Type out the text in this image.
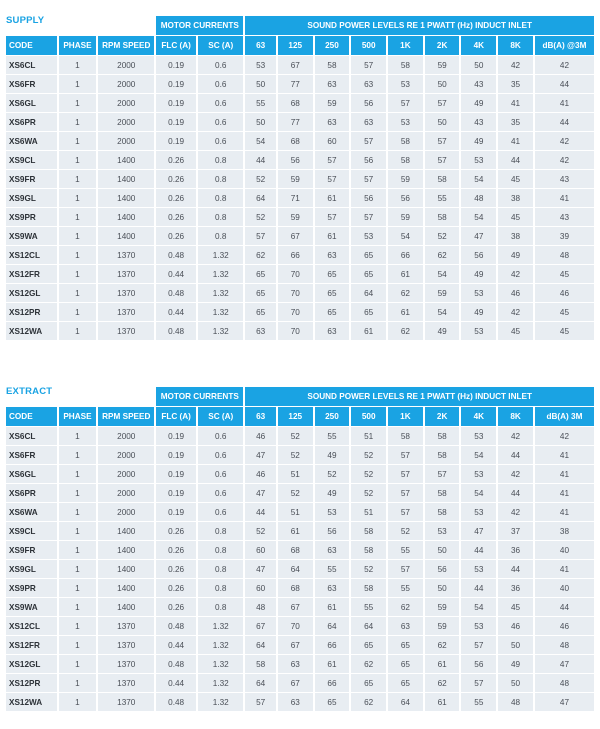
SUPPLY
			MOTOR CURRENTS		SOUND POWER LEVELS RE 1 PWATT (Hz) INDUCT INLET								
CODE	PHASE	RPM SPEED	FLC (A)	SC (A)	63	125	250	500	1K	2K	4K	8K	dB(A) @3M
XS6CL	1	2000	0.19	0.6	53	67	58	57	58	59	50	42	42
XS6FR	1	2000	0.19	0.6	50	77	63	63	53	50	43	35	44
XS6GL	1	2000	0.19	0.6	55	68	59	56	57	57	49	41	41
XS6PR	1	2000	0.19	0.6	50	77	63	63	53	50	43	35	44
XS6WA	1	2000	0.19	0.6	54	68	60	57	58	57	49	41	42
XS9CL	1	1400	0.26	0.8	44	56	57	56	58	57	53	44	42
XS9FR	1	1400	0.26	0.8	52	59	57	57	59	58	54	45	43
XS9GL	1	1400	0.26	0.8	64	71	61	56	56	55	48	38	41
XS9PR	1	1400	0.26	0.8	52	59	57	57	59	58	54	45	43
XS9WA	1	1400	0.26	0.8	57	67	61	53	54	52	47	38	39
XS12CL	1	1370	0.48	1.32	62	66	63	65	66	62	56	49	48
XS12FR	1	1370	0.44	1.32	65	70	65	65	61	54	49	42	45
XS12GL	1	1370	0.48	1.32	65	70	65	64	62	59	53	46	46
XS12PR	1	1370	0.44	1.32	65	70	65	65	61	54	49	42	45
XS12WA	1	1370	0.48	1.32	63	70	63	61	62	49	53	45	45
EXTRACT
			MOTOR CURRENTS		SOUND POWER LEVELS RE 1 PWATT (Hz) INDUCT INLET								
CODE	PHASE	RPM SPEED	FLC (A)	SC (A)	63	125	250	500	1K	2K	4K	8K	dB(A) 3M
XS6CL	1	2000	0.19	0.6	46	52	55	51	58	58	53	42	42
XS6FR	1	2000	0.19	0.6	47	52	49	52	57	58	54	44	41
XS6GL	1	2000	0.19	0.6	46	51	52	52	57	57	53	42	41
XS6PR	1	2000	0.19	0.6	47	52	49	52	57	58	54	44	41
XS6WA	1	2000	0.19	0.6	44	51	53	51	57	58	53	42	41
XS9CL	1	1400	0.26	0.8	52	61	56	58	52	53	47	37	38
XS9FR	1	1400	0.26	0.8	60	68	63	58	55	50	44	36	40
XS9GL	1	1400	0.26	0.8	47	64	55	52	57	56	53	44	41
XS9PR	1	1400	0.26	0.8	60	68	63	58	55	50	44	36	40
XS9WA	1	1400	0.26	0.8	48	67	61	55	62	59	54	45	44
XS12CL	1	1370	0.48	1.32	67	70	64	64	63	59	53	46	46
XS12FR	1	1370	0.44	1.32	64	67	66	65	65	62	57	50	48
XS12GL	1	1370	0.48	1.32	58	63	61	62	65	61	56	49	47
XS12PR	1	1370	0.44	1.32	64	67	66	65	65	62	57	50	48
XS12WA	1	1370	0.48	1.32	57	63	65	62	64	61	55	48	47
